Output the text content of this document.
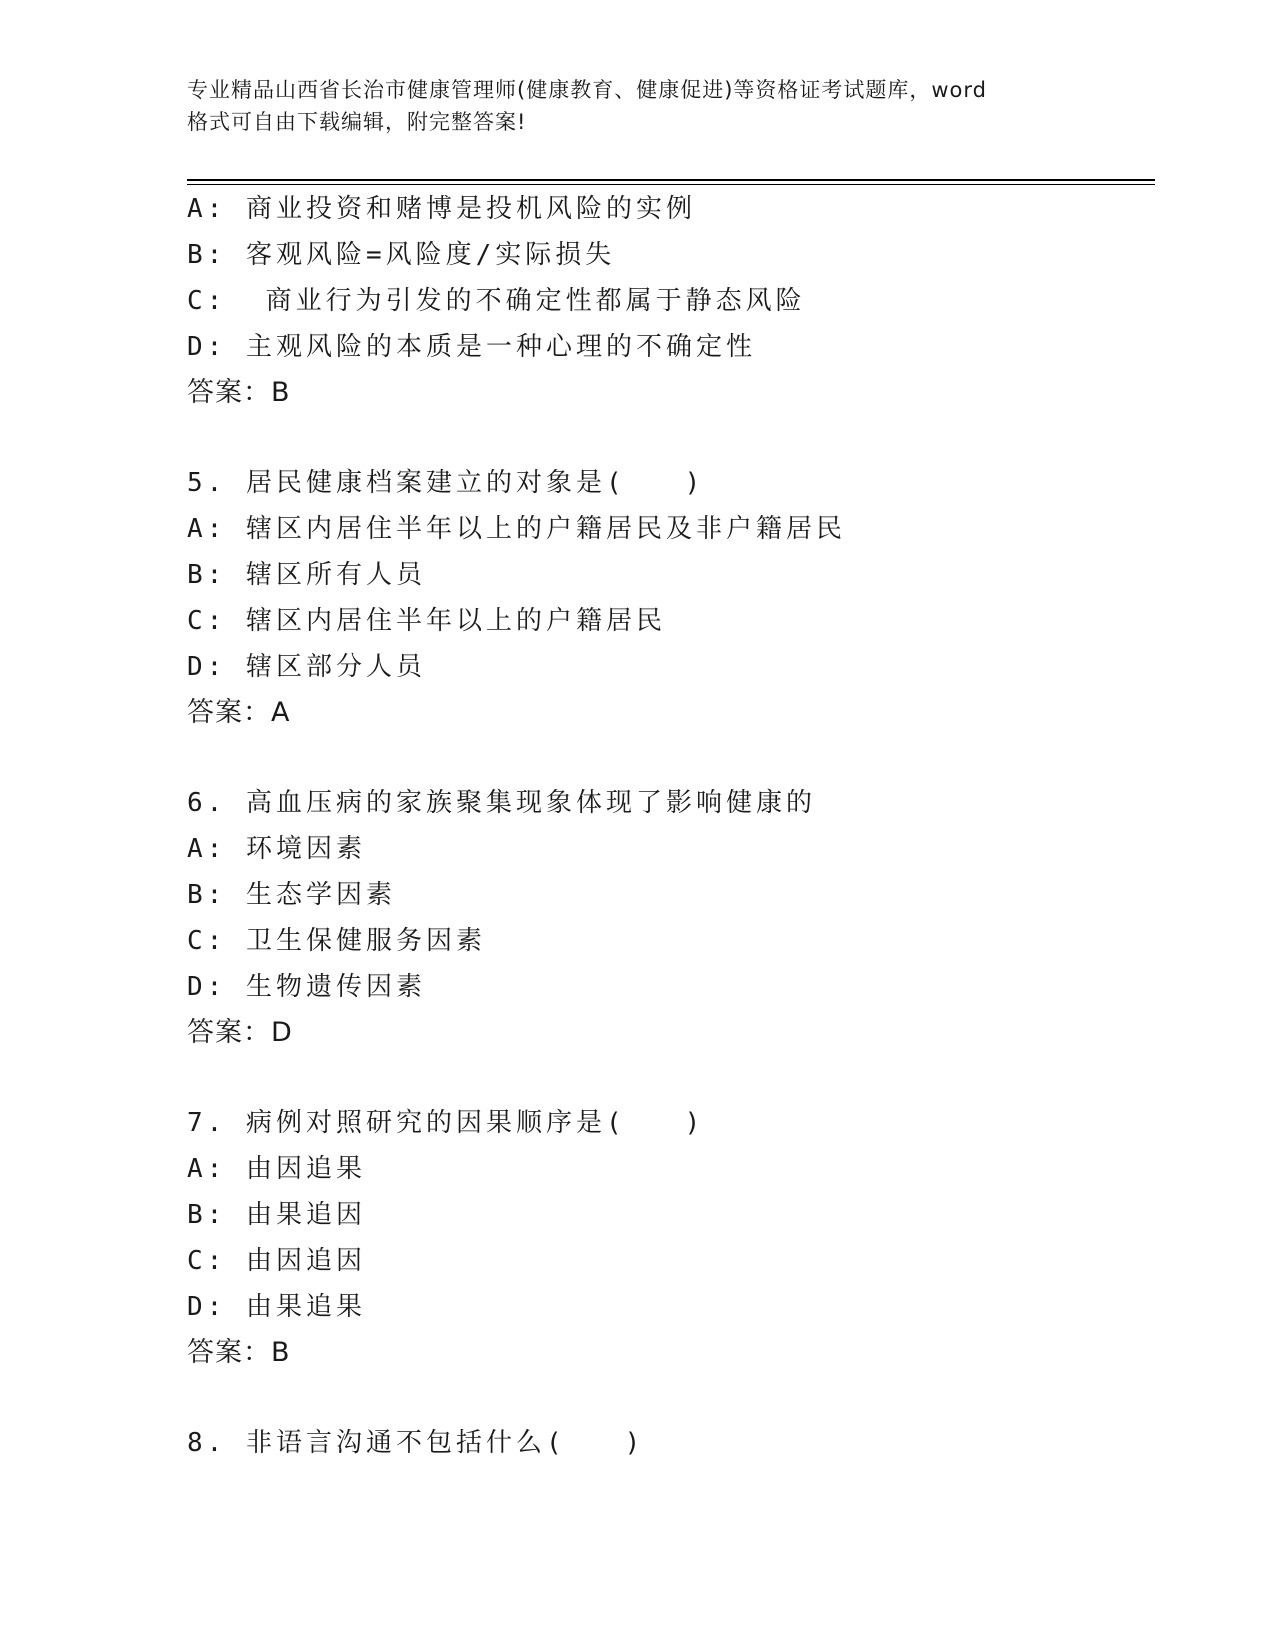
专业精品山西省长治市健康管理师(健康教育、健康促进)等资格证考试题库，word
格式可自由下载编辑，附完整答案!
A: 商业投资和赌博是投机风险的实例
B: 客观风险=风险度/实际损失
C:  商业行为引发的不确定性都属于静态风险
D: 主观风险的本质是一种心理的不确定性
答案：B
5. 居民健康档案建立的对象是(   )
A: 辖区内居住半年以上的户籍居民及非户籍居民
B: 辖区所有人员
C: 辖区内居住半年以上的户籍居民
D: 辖区部分人员
答案：A
6. 高血压病的家族聚集现象体现了影响健康的
A: 环境因素
B: 生态学因素
C: 卫生保健服务因素
D: 生物遗传因素
答案：D
7. 病例对照研究的因果顺序是(   )
A: 由因追果
B: 由果追因
C: 由因追因
D: 由果追果
答案：B
8. 非语言沟通不包括什么(   )
